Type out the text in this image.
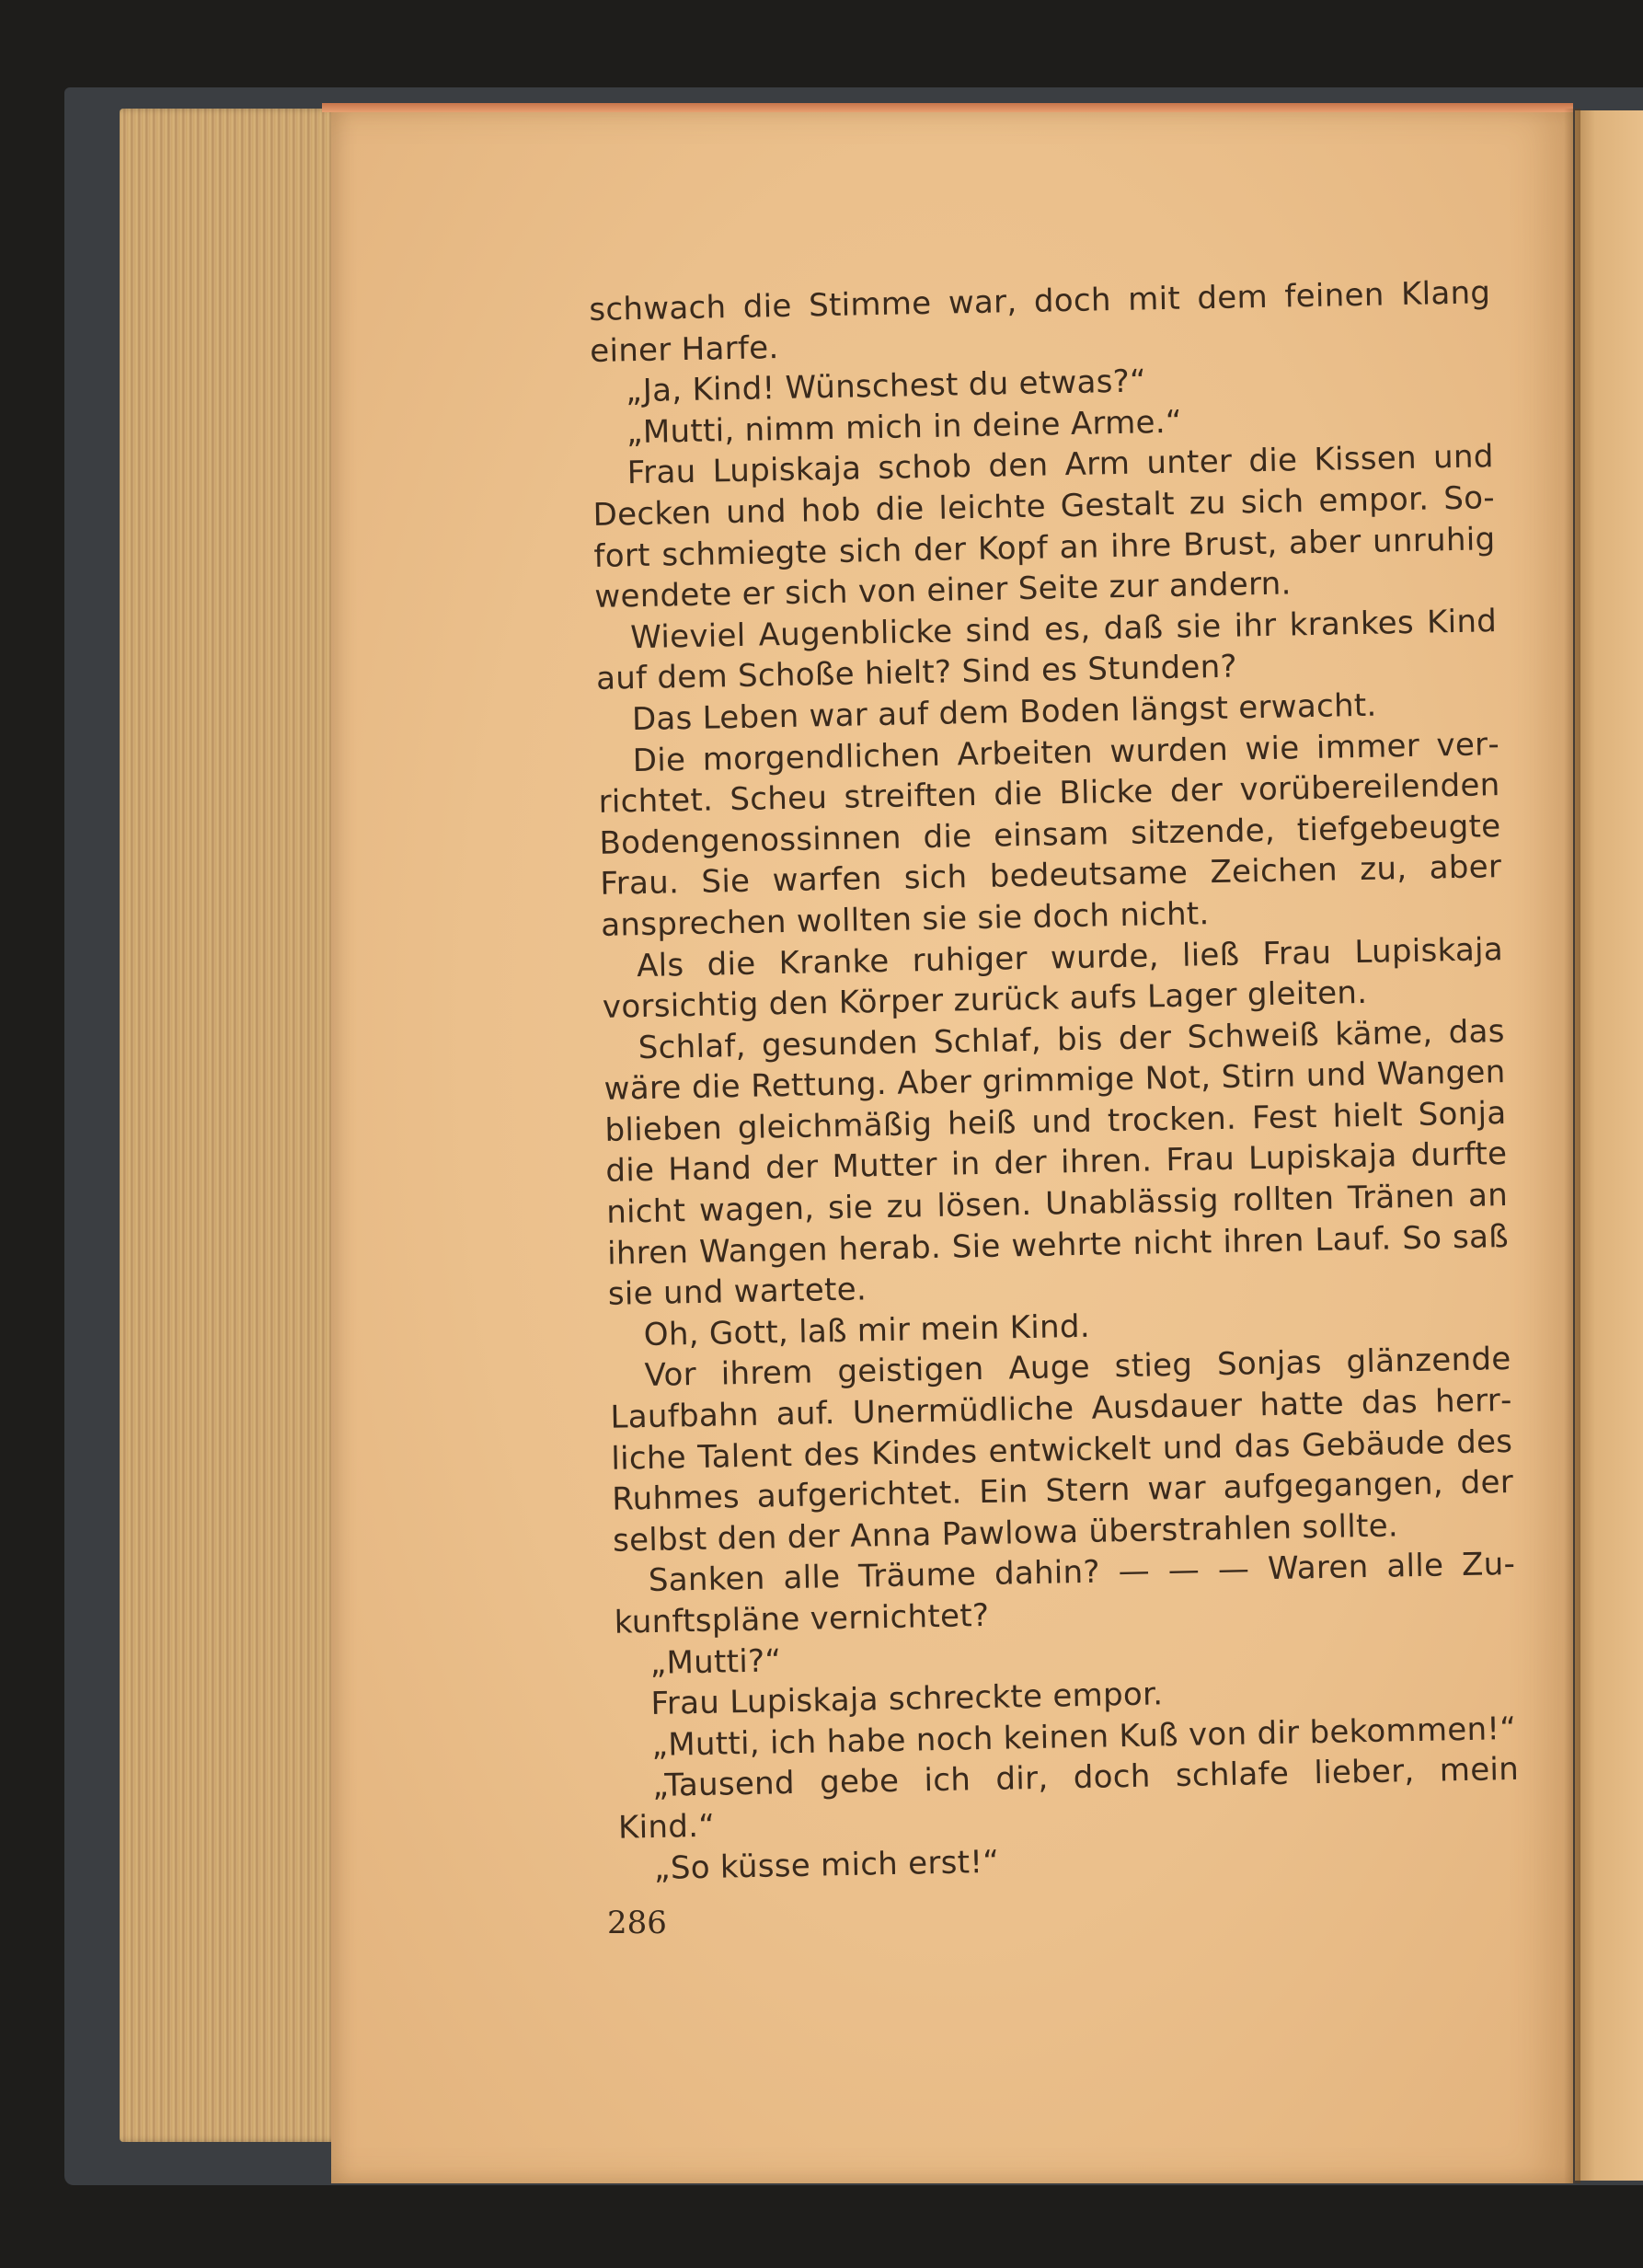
schwach die Stimme war, doch mit dem feinen Klang einer Harfe.

„Ja, Kind! Wünschest du etwas?“

„Mutti, nimm mich in deine Arme.“

Frau Lupiskaja schob den Arm unter die Kissen und Decken und hob die leichte Gestalt zu sich empor. Sofort schmiegte sich der Kopf an ihre Brust, aber unruhig wendete er sich von einer Seite zur andern.

Wieviel Augenblicke sind es, daß sie ihr krankes Kind auf dem Schoße hielt? Sind es Stunden?

Das Leben war auf dem Boden längst erwacht.

Die morgendlichen Arbeiten wurden wie immer verrichtet. Scheu streiften die Blicke der vorübereilenden Bodengenossinnen die einsam sitzende, tiefgebeugte Frau. Sie warfen sich bedeutsame Zeichen zu, aber ansprechen wollten sie sie doch nicht.

Als die Kranke ruhiger wurde, ließ Frau Lupiskaja vorsichtig den Körper zurück aufs Lager gleiten.

Schlaf, gesunden Schlaf, bis der Schweiß käme, das wäre die Rettung. Aber grimmige Not, Stirn und Wangen blieben gleichmäßig heiß und trocken. Fest hielt Sonja die Hand der Mutter in der ihren. Frau Lupiskaja durfte nicht wagen, sie zu lösen. Unablässig rollten Tränen an ihren Wangen herab. Sie wehrte nicht ihren Lauf. So saß sie und wartete.

Oh, Gott, laß mir mein Kind.

Vor ihrem geistigen Auge stieg Sonjas glänzende Laufbahn auf. Unermüdliche Ausdauer hatte das herrliche Talent des Kindes entwickelt und das Gebäude des Ruhmes aufgerichtet. Ein Stern war aufgegangen, der selbst den der Anna Pawlowa überstrahlen sollte.

Sanken alle Träume dahin? — — — Waren alle Zukunftspläne vernichtet?

„Mutti?“

Frau Lupiskaja schreckte empor.

„Mutti, ich habe noch keinen Kuß von dir bekommen!“

„Tausend gebe ich dir, doch schlafe lieber, mein Kind.“

„So küsse mich erst!“

286
